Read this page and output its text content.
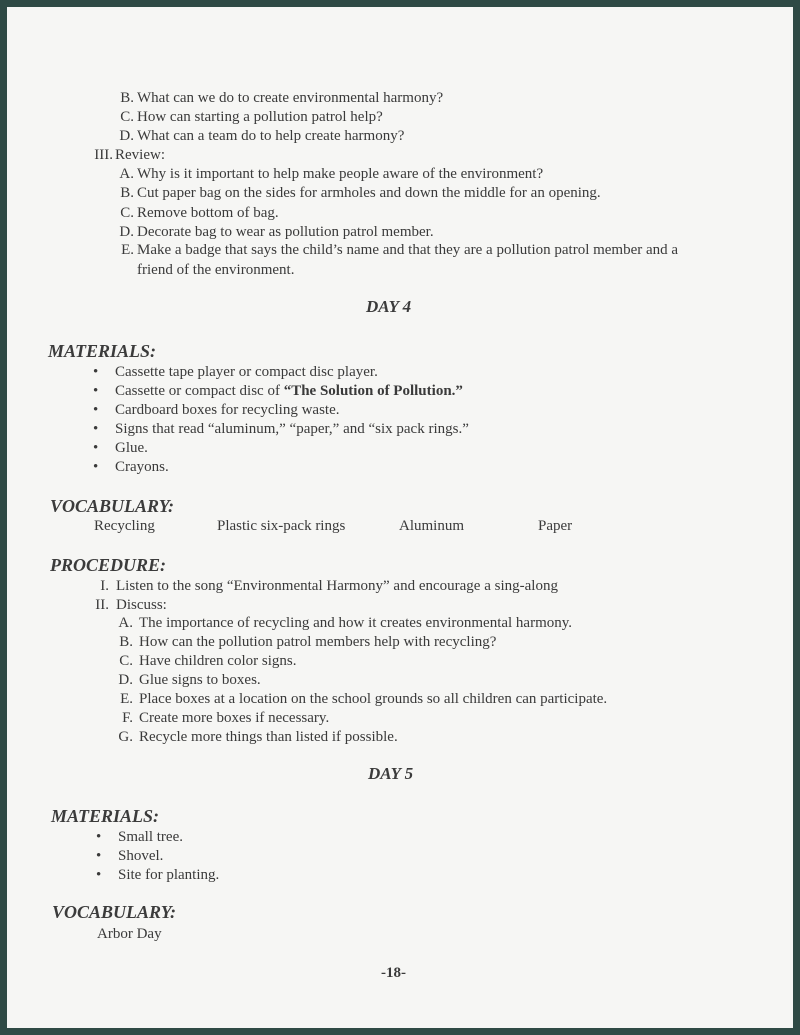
B. What can we do to create environmental harmony?
C. How can starting a pollution patrol help?
D. What can a team do to help create harmony?
III. Review:
A. Why is it important to help make people aware of the environment?
B. Cut paper bag on the sides for armholes and down the middle for an opening.
C. Remove bottom of bag.
D. Decorate bag to wear as pollution patrol member.
E. Make a badge that says the child’s name and that they are a pollution patrol member and a
friend of the environment.
DAY 4
MATERIALS:
• Cassette tape player or compact disc player.
• Cassette or compact disc of “The Solution of Pollution.”
• Cardboard boxes for recycling waste.
• Signs that read “aluminum,” “paper,” and “six pack rings.”
• Glue.
• Crayons.
VOCABULARY:
Recycling	Plastic six-pack rings	Aluminum	Paper
PROCEDURE:
I. Listen to the song “Environmental Harmony” and encourage a sing-along
II. Discuss:
A. The importance of recycling and how it creates environmental harmony.
B. How can the pollution patrol members help with recycling?
C. Have children color signs.
D. Glue signs to boxes.
E. Place boxes at a location on the school grounds so all children can participate.
F. Create more boxes if necessary.
G. Recycle more things than listed if possible.
DAY 5
MATERIALS:
• Small tree.
• Shovel.
• Site for planting.
VOCABULARY:
Arbor Day
-18-
